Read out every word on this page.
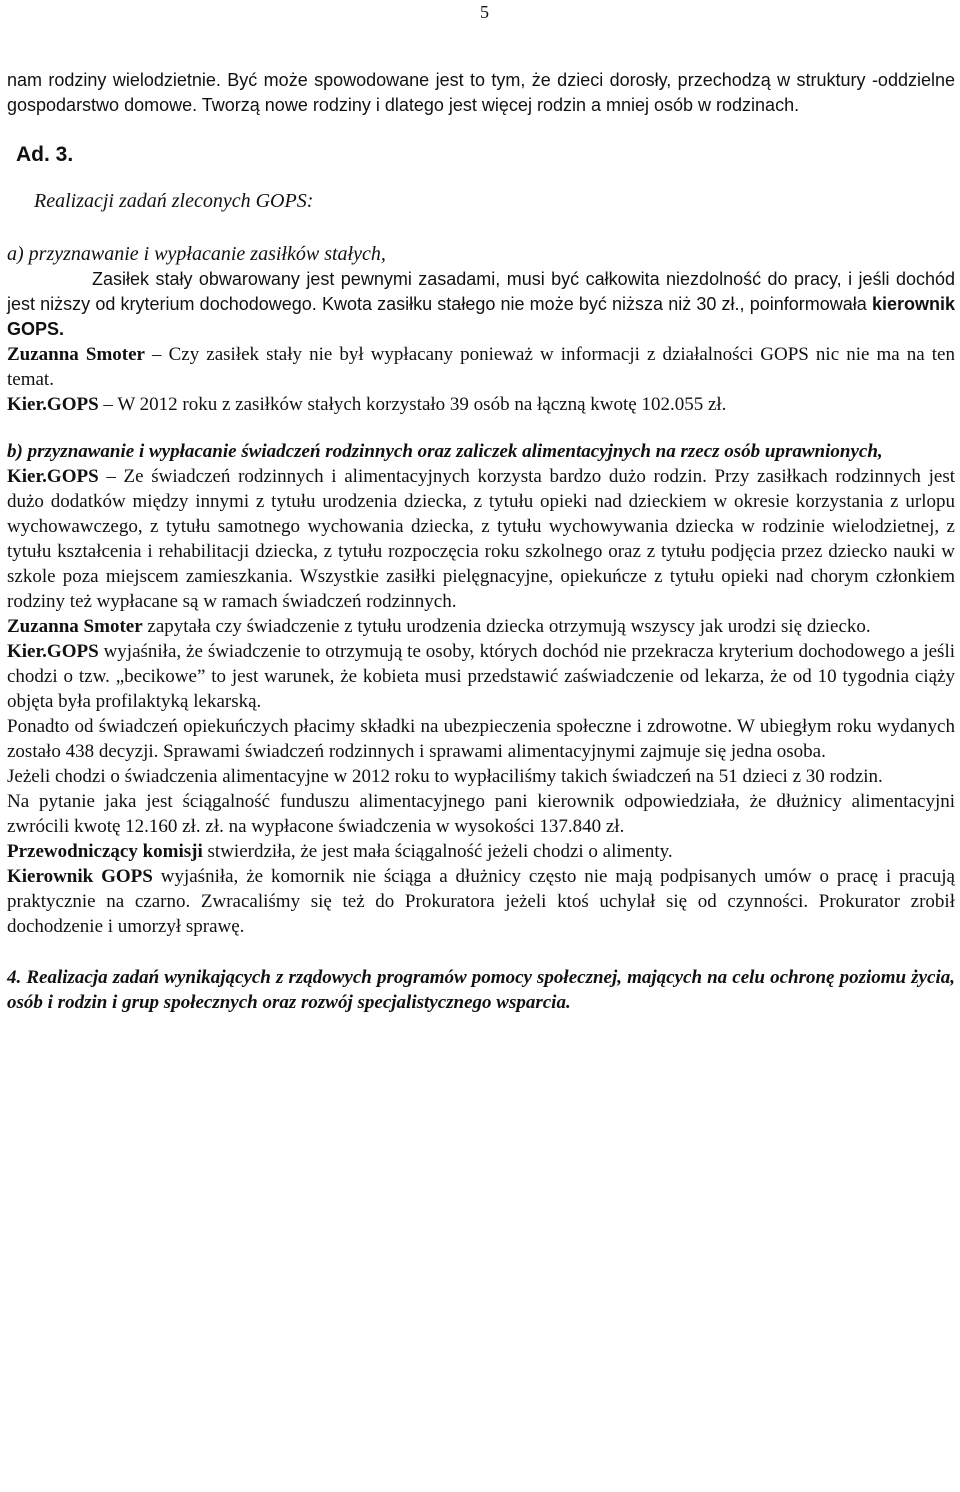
5

nam rodziny wielodzietnie. Być może spowodowane jest to tym, że dzieci dorosły, przechodzą w struktury -oddzielne gospodarstwo domowe. Tworzą nowe rodziny i dlatego jest więcej rodzin a mniej osób w rodzinach.

Ad. 3.

Realizacji zadań zleconych GOPS:

a) przyznawanie i wypłacanie zasiłków stałych,

Zasiłek stały obwarowany jest pewnymi zasadami, musi być całkowita niezdolność do pracy, i jeśli dochód jest niższy od kryterium dochodowego. Kwota zasiłku stałego nie może być niższa niż 30 zł., poinformowała kierownik GOPS.

Zuzanna Smoter – Czy zasiłek stały nie był wypłacany ponieważ w informacji z działalności GOPS nic nie ma na ten temat.

Kier.GOPS – W 2012 roku z zasiłków stałych korzystało 39 osób na łączną kwotę 102.055 zł.

b) przyznawanie i wypłacanie świadczeń rodzinnych oraz zaliczek alimentacyjnych na rzecz osób uprawnionych,

Kier.GOPS – Ze świadczeń rodzinnych i alimentacyjnych korzysta bardzo dużo rodzin. Przy zasiłkach rodzinnych jest dużo dodatków między innymi z tytułu urodzenia dziecka, z tytułu opieki nad dzieckiem w okresie korzystania z urlopu wychowawczego, z tytułu samotnego wychowania dziecka, z tytułu wychowywania dziecka w rodzinie wielodzietnej, z tytułu kształcenia i rehabilitacji dziecka, z tytułu rozpoczęcia roku szkolnego oraz z tytułu podjęcia przez dziecko nauki w szkole poza miejscem zamieszkania. Wszystkie zasiłki pielęgnacyjne, opiekuńcze z tytułu opieki nad chorym członkiem rodziny też wypłacane są w ramach świadczeń rodzinnych.

Zuzanna Smoter zapytała czy świadczenie z tytułu urodzenia dziecka otrzymują wszyscy jak urodzi się dziecko.

Kier.GOPS wyjaśniła, że świadczenie to otrzymują te osoby, których dochód nie przekracza kryterium dochodowego a jeśli chodzi o tzw. „becikowe” to jest warunek, że kobieta musi przedstawić zaświadczenie od lekarza, że od 10 tygodnia ciąży objęta była profilaktyką lekarską.

Ponadto od świadczeń opiekuńczych płacimy składki na ubezpieczenia społeczne i zdrowotne. W ubiegłym roku wydanych zostało 438 decyzji. Sprawami świadczeń rodzinnych i sprawami alimentacyjnymi zajmuje się jedna osoba.

Jeżeli chodzi o świadczenia alimentacyjne w 2012 roku to wypłaciliśmy takich świadczeń na 51 dzieci z 30 rodzin.

Na pytanie jaka jest ściągalność funduszu alimentacyjnego pani kierownik odpowiedziała, że dłużnicy alimentacyjni zwrócili kwotę 12.160 zł. zł. na wypłacone świadczenia w wysokości 137.840 zł.

Przewodniczący komisji stwierdziła, że jest mała ściągalność jeżeli chodzi o alimenty.

Kierownik GOPS wyjaśniła, że komornik nie ściąga a dłużnicy często nie mają podpisanych umów o pracę i pracują praktycznie na czarno. Zwracaliśmy się też do Prokuratora jeżeli ktoś uchylał się od czynności. Prokurator zrobił dochodzenie i umorzył sprawę.

4. Realizacja zadań wynikających z rządowych programów pomocy społecznej, mających na celu ochronę poziomu życia, osób i rodzin i grup społecznych oraz rozwój specjalistycznego wsparcia.
